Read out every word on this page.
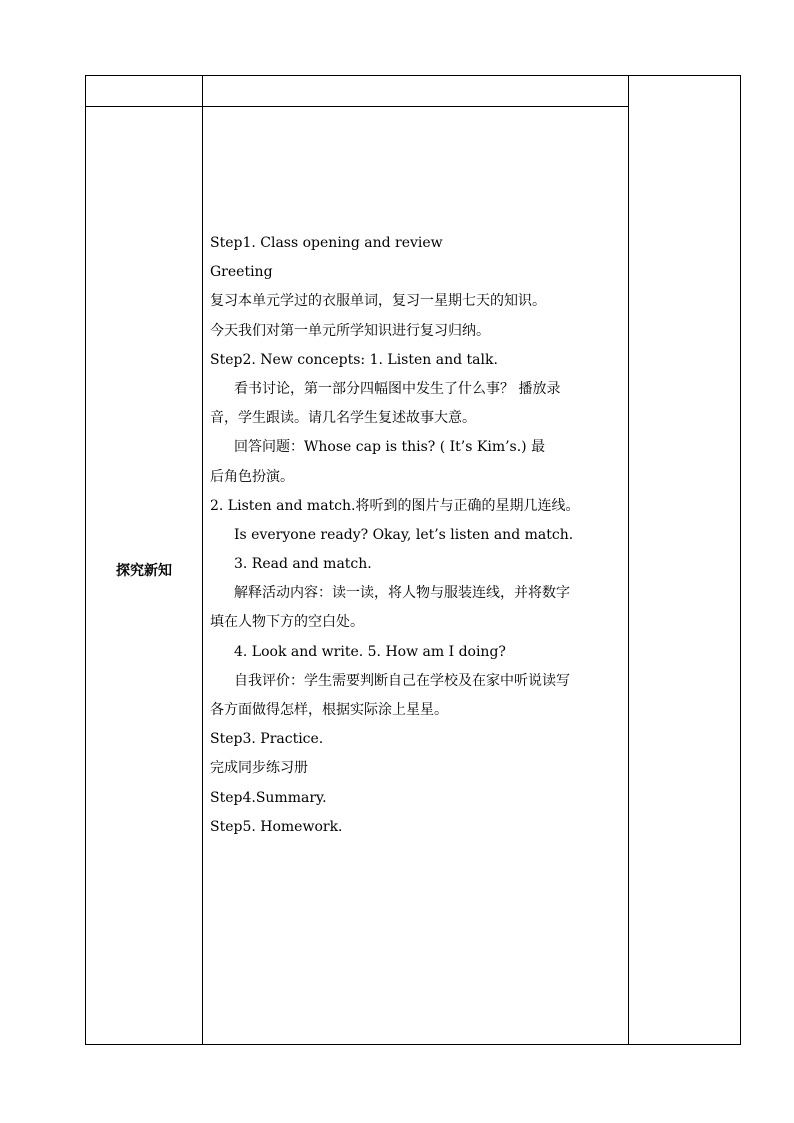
探究新知
Step1. Class opening and review
Greeting
复习本单元学过的衣服单词，复习一星期七天的知识。
今天我们对第一单元所学知识进行复习归纳。
Step2. New concepts: 1. Listen and talk.
看书讨论，第一部分四幅图中发生了什么事？ 播放录
音，学生跟读。请几名学生复述故事大意。
回答问题：Whose cap is this? ( It’s Kim’s.) 最
后角色扮演。
2. Listen and match.将听到的图片与正确的星期几连线。
Is everyone ready? Okay, let’s listen and match.
3. Read and match.
解释活动内容：读一读，将人物与服装连线，并将数字
填在人物下方的空白处。
4. Look and write. 5. How am I doing?
自我评价：学生需要判断自己在学校及在家中听说读写
各方面做得怎样，根据实际涂上星星。
Step3. Practice.
完成同步练习册
Step4.Summary.
Step5. Homework.
